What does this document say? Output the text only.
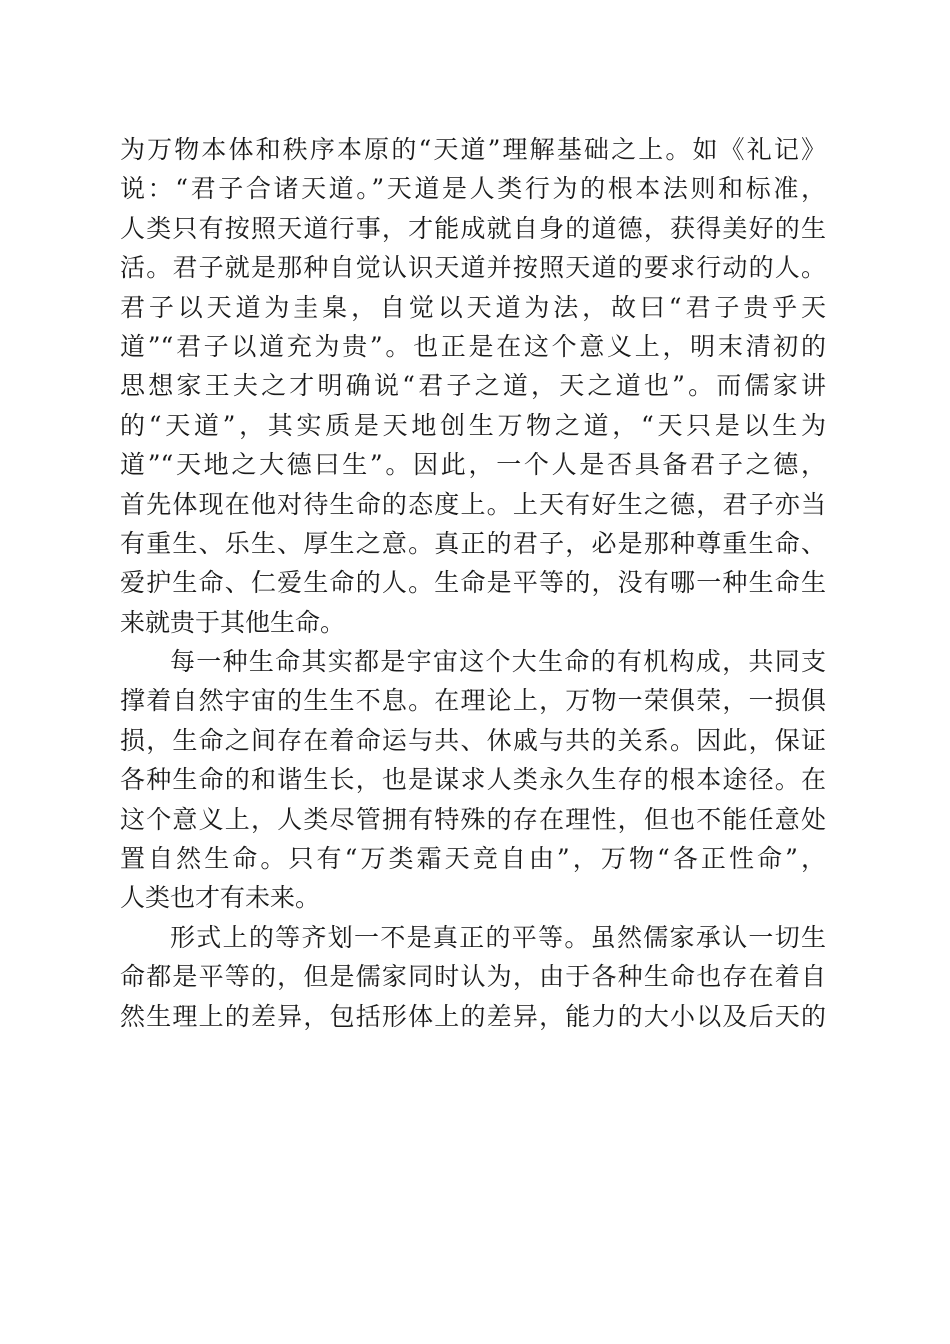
为万物本体和秩序本原的“天道”理解基础之上。如《礼记》
说：“君子合诸天道。”天道是人类行为的根本法则和标准，
人类只有按照天道行事，才能成就自身的道德，获得美好的生
活。君子就是那种自觉认识天道并按照天道的要求行动的人。
君子以天道为圭臬，自觉以天道为法，故曰“君子贵乎天
道”“君子以道充为贵”。也正是在这个意义上，明末清初的
思想家王夫之才明确说“君子之道，天之道也”。而儒家讲
的“天道”，其实质是天地创生万物之道，“天只是以生为
道”“天地之大德曰生”。因此，一个人是否具备君子之德，
首先体现在他对待生命的态度上。上天有好生之德，君子亦当
有重生、乐生、厚生之意。真正的君子，必是那种尊重生命、
爱护生命、仁爱生命的人。生命是平等的，没有哪一种生命生
来就贵于其他生命。
每一种生命其实都是宇宙这个大生命的有机构成，共同支
撑着自然宇宙的生生不息。在理论上，万物一荣俱荣，一损俱
损，生命之间存在着命运与共、休戚与共的关系。因此，保证
各种生命的和谐生长，也是谋求人类永久生存的根本途径。在
这个意义上，人类尽管拥有特殊的存在理性，但也不能任意处
置自然生命。只有“万类霜天竞自由”，万物“各正性命”，
人类也才有未来。
形式上的等齐划一不是真正的平等。虽然儒家承认一切生
命都是平等的，但是儒家同时认为，由于各种生命也存在着自
然生理上的差异，包括形体上的差异，能力的大小以及后天的
